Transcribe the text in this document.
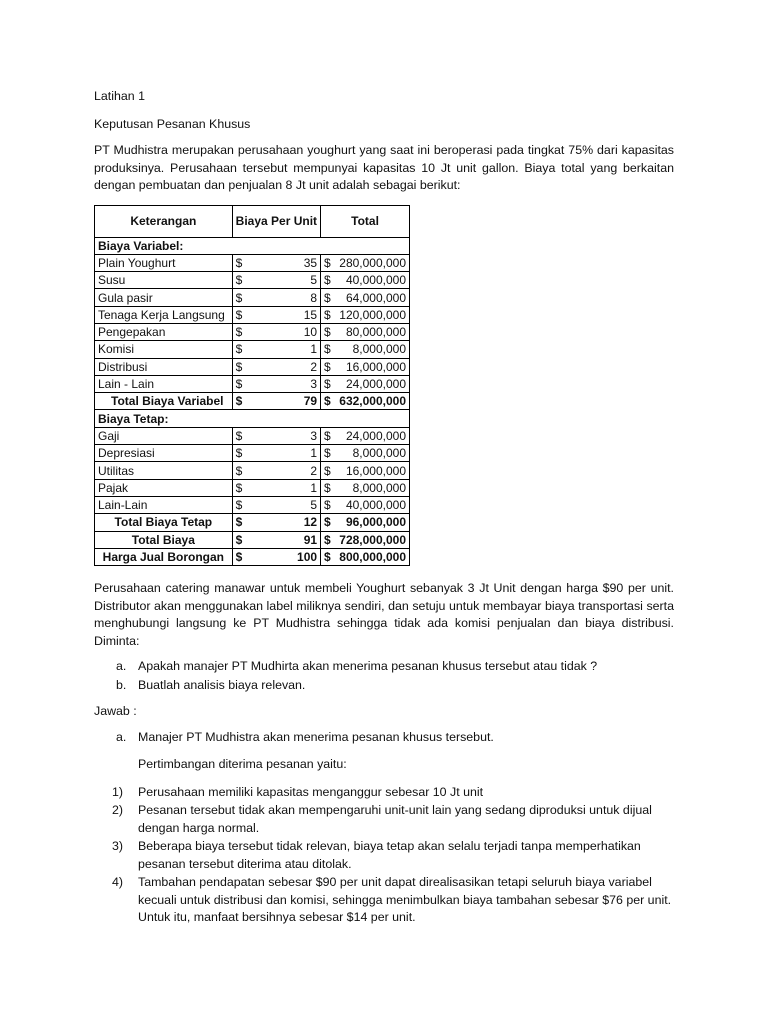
Latihan 1

Keputusan Pesanan Khusus

PT Mudhistra merupakan perusahaan youghurt yang saat ini beroperasi pada tingkat 75% dari kapasitas produksinya. Perusahaan tersebut mempunyai kapasitas 10 Jt unit gallon. Biaya total yang berkaitan dengan pembuatan dan penjualan 8 Jt unit adalah sebagai berikut:

Keterangan	Biaya Per Unit		Total	
Biaya Variabel:				
Plain Youghurt	$	35	$	280,000,000
Susu	$	5	$	40,000,000
Gula pasir	$	8	$	64,000,000
Tenaga Kerja Langsung	$	15	$	120,000,000
Pengepakan	$	10	$	80,000,000
Komisi	$	1	$	8,000,000
Distribusi	$	2	$	16,000,000
Lain - Lain	$	3	$	24,000,000
Total Biaya Variabel	$	79	$	632,000,000
Biaya Tetap:				
Gaji	$	3	$	24,000,000
Depresiasi	$	1	$	8,000,000
Utilitas	$	2	$	16,000,000
Pajak	$	1	$	8,000,000
Lain-Lain	$	5	$	40,000,000
Total Biaya Tetap	$	12	$	96,000,000
Total Biaya	$	91	$	728,000,000
Harga Jual Borongan	$	100	$	800,000,000

Perusahaan catering manawar untuk membeli Youghurt sebanyak 3 Jt Unit dengan harga $90 per unit. Distributor akan menggunakan label miliknya sendiri, dan setuju untuk membayar biaya transportasi serta menghubungi langsung ke PT Mudhistra sehingga tidak ada komisi penjualan dan biaya distribusi. Diminta:

a. Apakah manajer PT Mudhirta akan menerima pesanan khusus tersebut atau tidak ?
b. Buatlah analisis biaya relevan.

Jawab :

a. Manajer PT Mudhistra akan menerima pesanan khusus tersebut.

Pertimbangan diterima pesanan yaitu:

1) Perusahaan memiliki kapasitas menganggur sebesar 10 Jt unit
2) Pesanan tersebut tidak akan mempengaruhi unit-unit lain yang sedang diproduksi untuk dijual dengan harga normal.
3) Beberapa biaya tersebut tidak relevan, biaya tetap akan selalu terjadi tanpa memperhatikan pesanan tersebut diterima atau ditolak.
4) Tambahan pendapatan sebesar $90 per unit dapat direalisasikan tetapi seluruh biaya variabel kecuali untuk distribusi dan komisi, sehingga menimbulkan biaya tambahan sebesar $76 per unit. Untuk itu, manfaat bersihnya sebesar $14 per unit.
